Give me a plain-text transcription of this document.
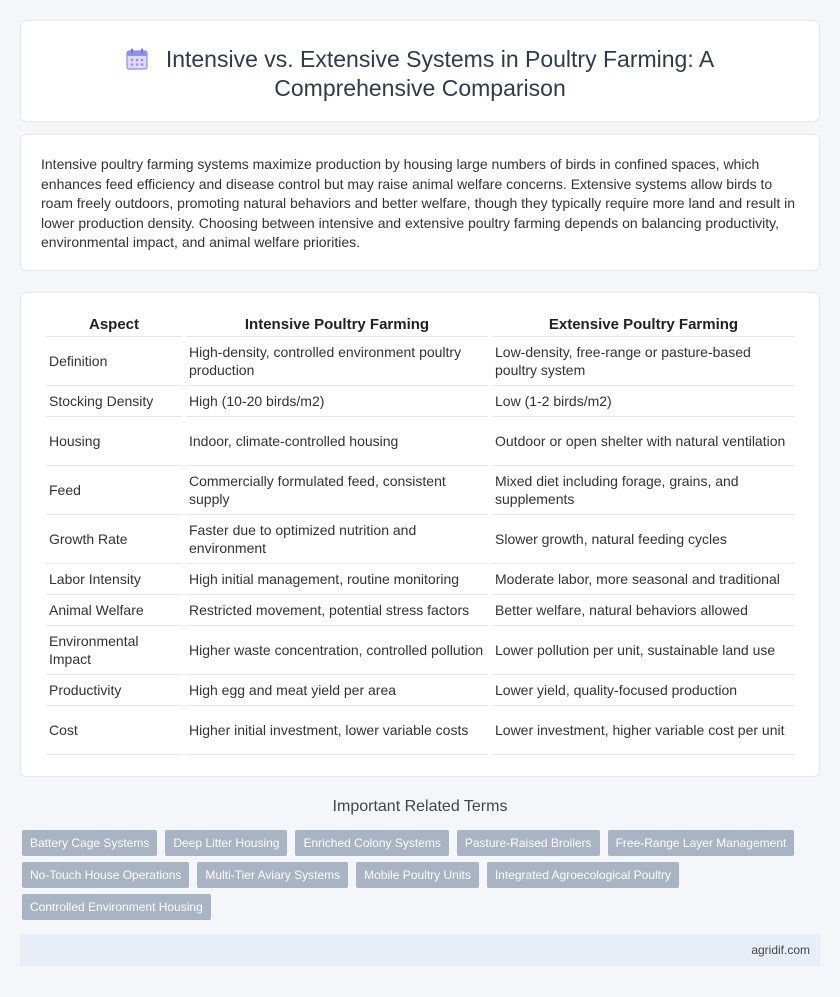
Intensive vs. Extensive Systems in Poultry Farming: A Comprehensive Comparison

Intensive poultry farming systems maximize production by housing large numbers of birds in confined spaces, which enhances feed efficiency and disease control but may raise animal welfare concerns. Extensive systems allow birds to roam freely outdoors, promoting natural behaviors and better welfare, though they typically require more land and result in lower production density. Choosing between intensive and extensive poultry farming depends on balancing productivity, environmental impact, and animal welfare priorities.

Aspect	Intensive Poultry Farming	Extensive Poultry Farming
Definition	High-density, controlled environment poultry production	Low-density, free-range or pasture-based poultry system
Stocking Density	High (10-20 birds/m2)	Low (1-2 birds/m2)
Housing	Indoor, climate-controlled housing	Outdoor or open shelter with natural ventilation
Feed	Commercially formulated feed, consistent supply	Mixed diet including forage, grains, and supplements
Growth Rate	Faster due to optimized nutrition and environment	Slower growth, natural feeding cycles
Labor Intensity	High initial management, routine monitoring	Moderate labor, more seasonal and traditional
Animal Welfare	Restricted movement, potential stress factors	Better welfare, natural behaviors allowed
Environmental Impact	Higher waste concentration, controlled pollution	Lower pollution per unit, sustainable land use
Productivity	High egg and meat yield per area	Lower yield, quality-focused production
Cost	Higher initial investment, lower variable costs	Lower investment, higher variable cost per unit
Important Related Terms
Battery Cage Systems	Deep Litter Housing	Enriched Colony Systems	Pasture-Raised Broilers	Free-Range Layer Management
No-Touch House Operations	Multi-Tier Aviary Systems	Mobile Poultry Units	Integrated Agroecological Poultry
Controlled Environment Housing
agridif.com
